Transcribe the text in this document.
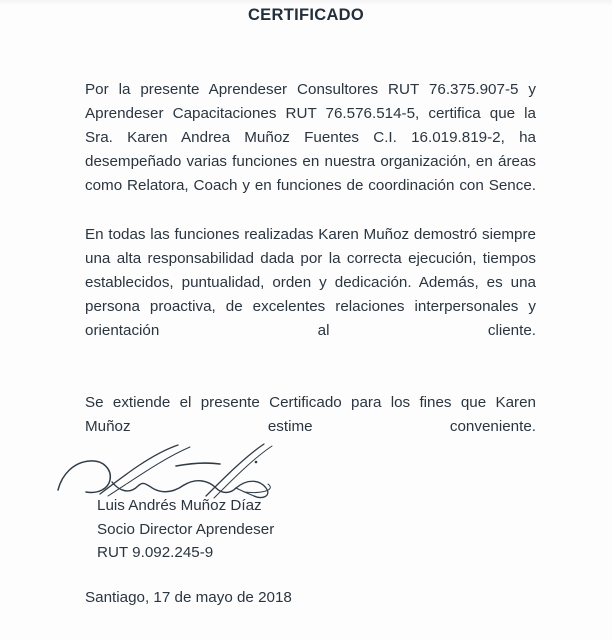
CERTIFICADO

Por la presente Aprendeser Consultores RUT 76.375.907-5 y Aprendeser Capacitaciones RUT 76.576.514-5, certifica que la Sra. Karen Andrea Muñoz Fuentes C.I. 16.019.819-2, ha desempeñado varias funciones en nuestra organización, en áreas como Relatora, Coach y en funciones de coordinación con Sence.

En todas las funciones realizadas Karen Muñoz demostró siempre una alta responsabilidad dada por la correcta ejecución, tiempos establecidos, puntualidad, orden y dedicación. Además, es una persona proactiva, de excelentes relaciones interpersonales y orientación al cliente.

Se extiende el presente Certificado para los fines que Karen Muñoz estime conveniente.

Luis Andrés Muñoz Díaz
Socio Director Aprendeser
RUT 9.092.245-9
Santiago, 17 de mayo de 2018
